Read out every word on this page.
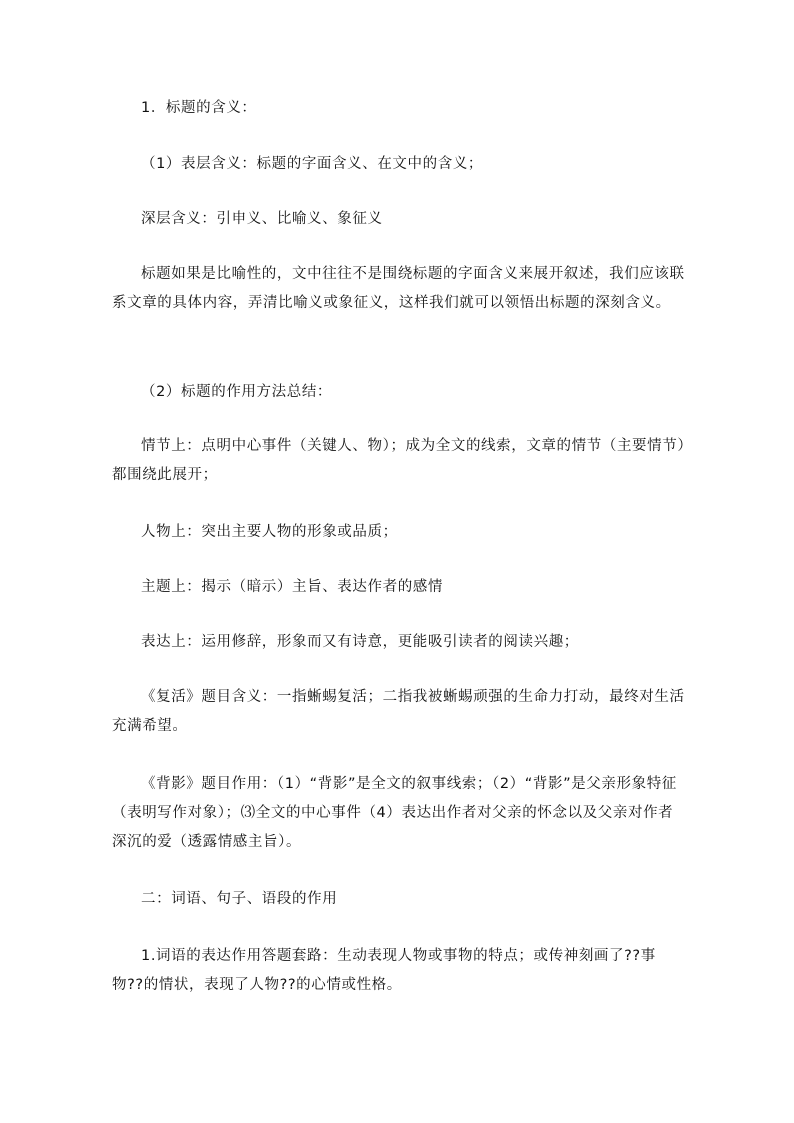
1．标题的含义：

（1）表层含义：标题的字面含义、在文中的含义；

深层含义：引申义、比喻义、象征义

标题如果是比喻性的，文中往往不是围绕标题的字面含义来展开叙述，我们应该联系文章的具体内容，弄清比喻义或象征义，这样我们就可以领悟出标题的深刻含义。

（2）标题的作用方法总结：

情节上：点明中心事件（关键人、物）；成为全文的线索，文章的情节（主要情节）都围绕此展开；

人物上：突出主要人物的形象或品质；

主题上：揭示（暗示）主旨、表达作者的感情

表达上：运用修辞，形象而又有诗意，更能吸引读者的阅读兴趣；

《复活》题目含义：一指蜥蜴复活；二指我被蜥蜴顽强的生命力打动，最终对生活充满希望。

《背影》题目作用：（1）“背影”是全文的叙事线索；（2）“背影”是父亲形象特征（表明写作对象）；⑶全文的中心事件（4）表达出作者对父亲的怀念以及父亲对作者深沉的爱（透露情感主旨）。

二：词语、句子、语段的作用

1.词语的表达作用答题套路：生动表现人物或事物的特点；或传神刻画了??事物??的情状，表现了人物??的心情或性格。
